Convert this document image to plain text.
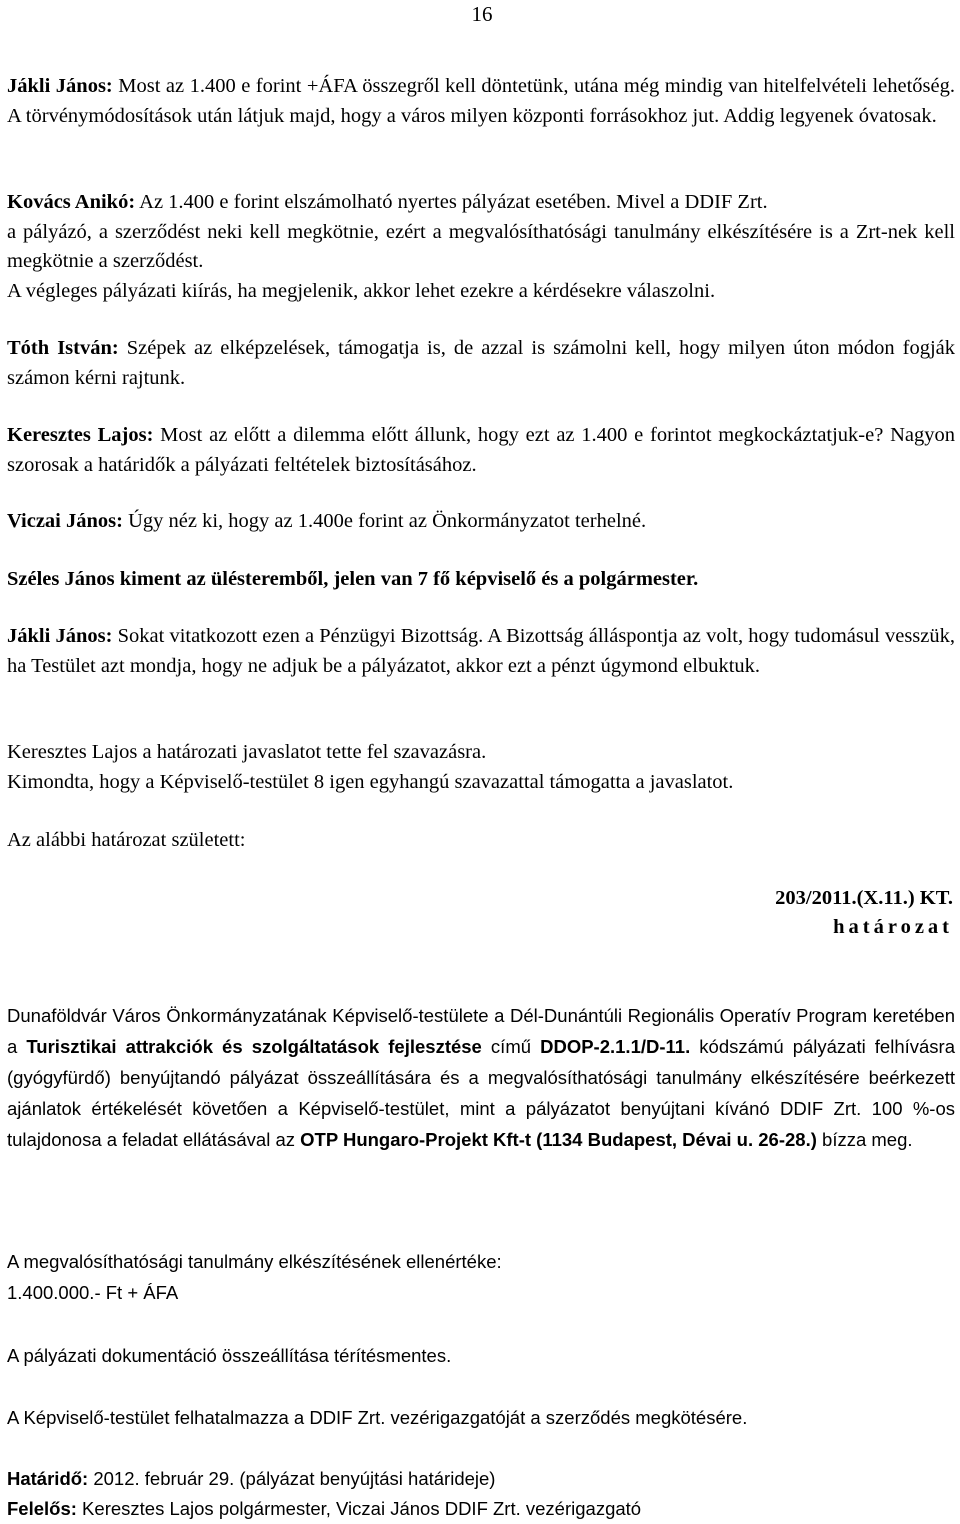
16
Jákli János: Most az 1.400 e forint +ÁFA összegről kell döntetünk, utána még mindig van hitelfelvételi lehetőség. A törvénymódosítások után látjuk majd, hogy a város milyen központi forrásokhoz jut. Addig legyenek óvatosak.
Kovács Anikó: Az 1.400 e forint elszámolható nyertes pályázat esetében. Mivel a DDIF Zrt.
a pályázó, a szerződést neki kell megkötnie, ezért a megvalósíthatósági tanulmány elkészítésére is a Zrt-nek kell megkötnie a szerződést.
A végleges pályázati kiírás, ha megjelenik, akkor lehet ezekre a kérdésekre válaszolni.
Tóth István: Szépek az elképzelések, támogatja is, de azzal is számolni kell, hogy milyen úton módon fogják számon kérni rajtunk.
Keresztes Lajos: Most az előtt a dilemma előtt állunk, hogy ezt az 1.400 e forintot megkockáztatjuk-e? Nagyon szorosak a határidők a pályázati feltételek biztosításához.
Viczai János: Úgy néz ki, hogy az 1.400e forint az Önkormányzatot terhelné.
Széles János kiment az ülésteremből, jelen van 7 fő képviselő és a polgármester.
Jákli János: Sokat vitatkozott ezen a Pénzügyi Bizottság. A Bizottság álláspontja az volt, hogy tudomásul vesszük, ha Testület azt mondja, hogy ne adjuk be a pályázatot, akkor ezt a pénzt úgymond elbuktuk.
Keresztes Lajos a határozati javaslatot tette fel szavazásra.
Kimondta, hogy a Képviselő-testület 8 igen egyhangú szavazattal támogatta a javaslatot.
Az alábbi határozat született:
203/2011.(X.11.) KT.
határozat
Dunaföldvár Város Önkormányzatának Képviselő-testülete a Dél-Dunántúli Regionális Operatív Program keretében a Turisztikai attrakciók és szolgáltatások fejlesztése című DDOP-2.1.1/D-11. kódszámú pályázati felhívásra (gyógyfürdő) benyújtandó pályázat összeállítására és a megvalósíthatósági tanulmány elkészítésére beérkezett ajánlatok értékelését követően a Képviselő-testület, mint a pályázatot benyújtani kívánó DDIF Zrt. 100 %-os tulajdonosa a feladat ellátásával az OTP Hungaro-Projekt Kft-t (1134 Budapest, Dévai u. 26-28.) bízza meg.
A megvalósíthatósági tanulmány elkészítésének ellenértéke:
1.400.000.- Ft + ÁFA
A pályázati dokumentáció összeállítása térítésmentes.
A Képviselő-testület felhatalmazza a DDIF Zrt. vezérigazgatóját a szerződés megkötésére.
Határidő: 2012. február 29. (pályázat benyújtási határideje)
Felelős: Keresztes Lajos polgármester, Viczai János DDIF Zrt. vezérigazgató
